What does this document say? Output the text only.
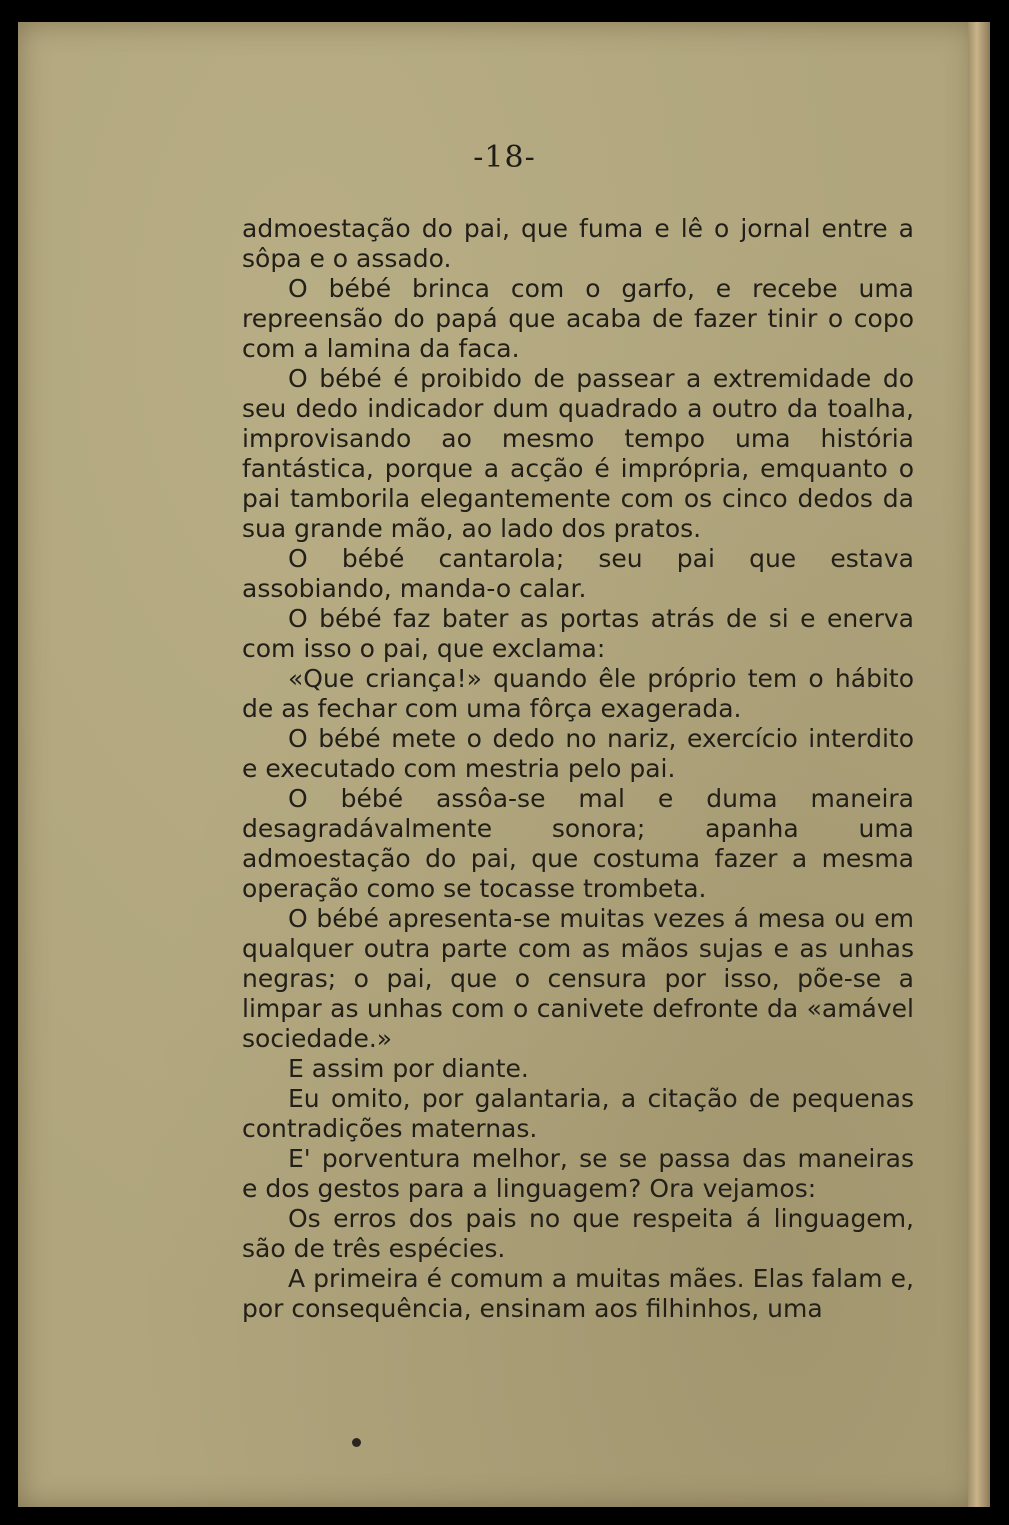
-18-

admoestação do pai, que fuma e lê o jornal entre a sôpa e o assado.

O bébé brinca com o garfo, e recebe uma repreensão do papá que acaba de fazer tinir o copo com a lamina da faca.

O bébé é proibido de passear a extremidade do seu dedo indicador dum quadrado a outro da toalha, improvisando ao mesmo tempo uma história fantástica, porque a acção é imprópria, emquanto o pai tamborila elegantemente com os cinco dedos da sua grande mão, ao lado dos pratos.

O bébé cantarola; seu pai que estava assobiando, manda-o calar.

O bébé faz bater as portas atrás de si e enerva com isso o pai, que exclama:

«Que criança!» quando êle próprio tem o hábito de as fechar com uma fôrça exagerada.

O bébé mete o dedo no nariz, exercício interdito e executado com mestria pelo pai.

O bébé assôa-se mal e duma maneira desagradávalmente sonora; apanha uma admoestação do pai, que costuma fazer a mesma operação como se tocasse trombeta.

O bébé apresenta-se muitas vezes á mesa ou em qualquer outra parte com as mãos sujas e as unhas negras; o pai, que o censura por isso, põe-se a limpar as unhas com o canivete defronte da «amável sociedade.»

E assim por diante.

Eu omito, por galantaria, a citação de pequenas contradições maternas.

E' porventura melhor, se se passa das maneiras e dos gestos para a linguagem? Ora vejamos:

Os erros dos pais no que respeita á linguagem, são de três espécies.

A primeira é comum a muitas mães. Elas falam e, por consequência, ensinam aos filhinhos, uma
